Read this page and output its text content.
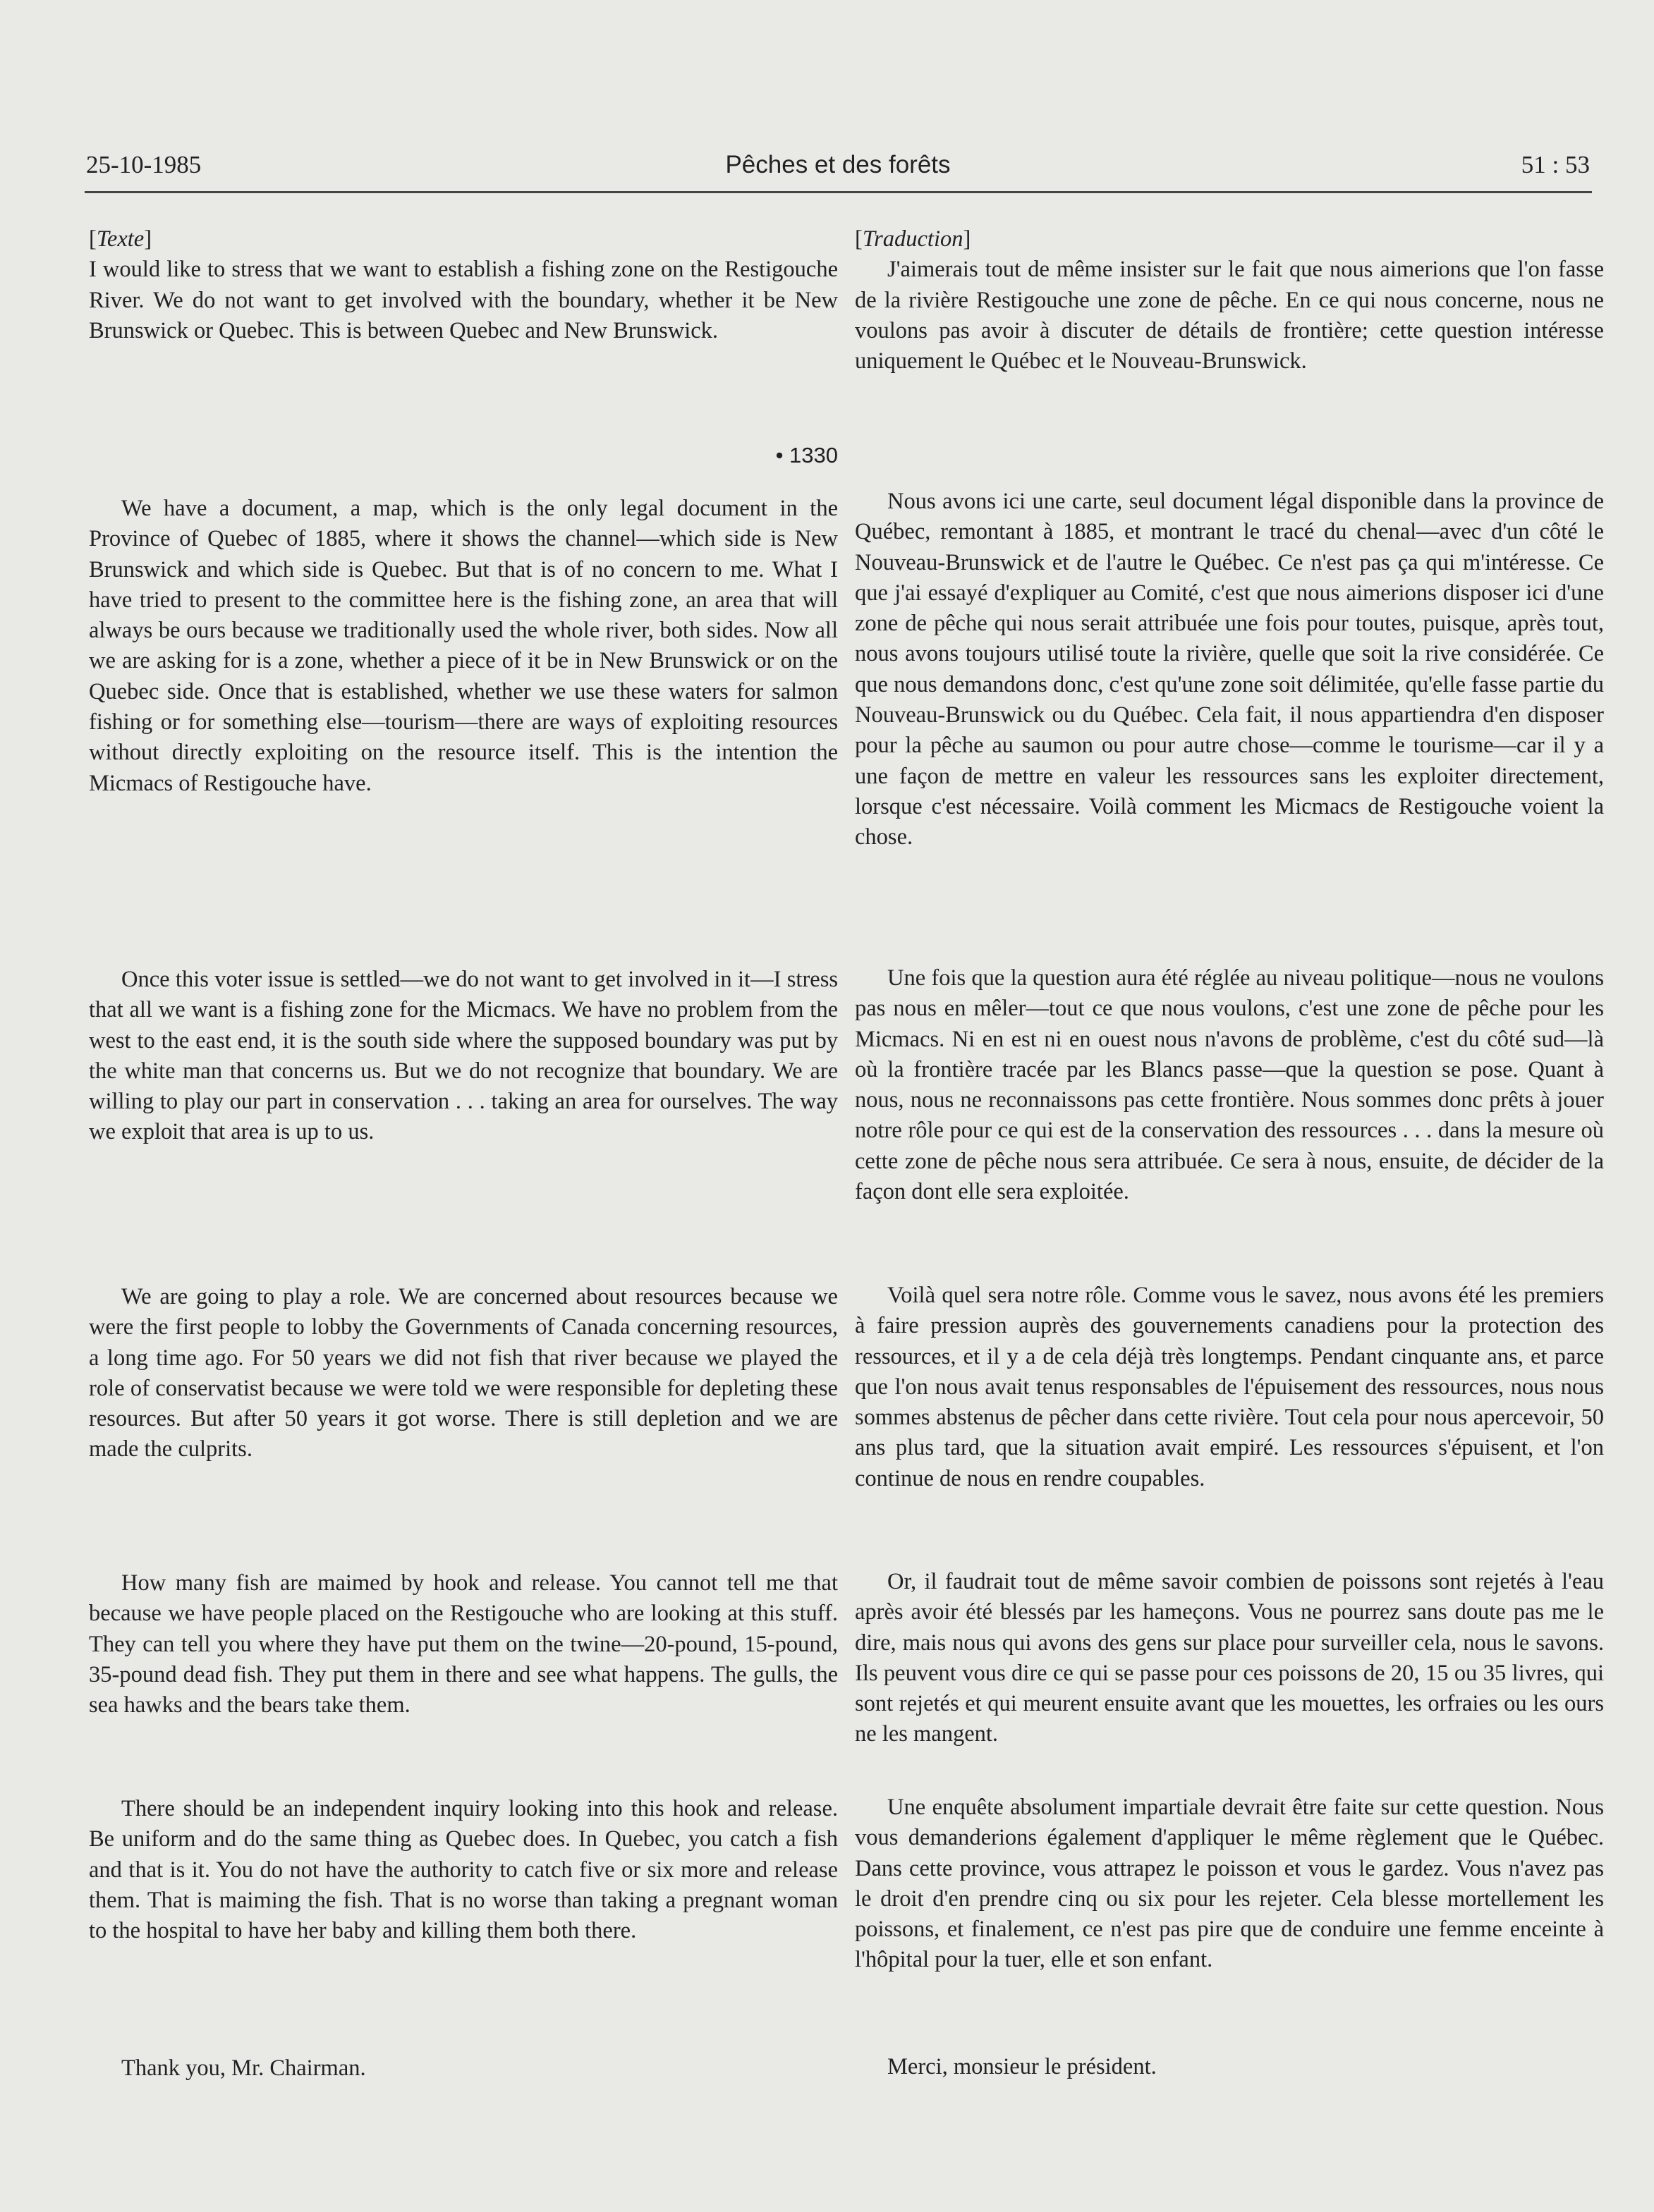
25-10-1985	Pêches et des forêts	51 : 53

[Texte]

I would like to stress that we want to establish a fishing zone on the Restigouche River. We do not want to get involved with the boundary, whether it be New Brunswick or Quebec. This is between Quebec and New Brunswick.

• 1330

We have a document, a map, which is the only legal document in the Province of Quebec of 1885, where it shows the channel—which side is New Brunswick and which side is Quebec. But that is of no concern to me. What I have tried to present to the committee here is the fishing zone, an area that will always be ours because we traditionally used the whole river, both sides. Now all we are asking for is a zone, whether a piece of it be in New Brunswick or on the Quebec side. Once that is established, whether we use these waters for salmon fishing or for something else—tourism—there are ways of exploiting resources without directly exploiting on the resource itself. This is the intention the Micmacs of Restigouche have.

Once this voter issue is settled—we do not want to get involved in it—I stress that all we want is a fishing zone for the Micmacs. We have no problem from the west to the east end, it is the south side where the supposed boundary was put by the white man that concerns us. But we do not recognize that boundary. We are willing to play our part in conservation . . . taking an area for ourselves. The way we exploit that area is up to us.

We are going to play a role. We are concerned about resources because we were the first people to lobby the Governments of Canada concerning resources, a long time ago. For 50 years we did not fish that river because we played the role of conservatist because we were told we were responsible for depleting these resources. But after 50 years it got worse. There is still depletion and we are made the culprits.

How many fish are maimed by hook and release. You cannot tell me that because we have people placed on the Restigouche who are looking at this stuff. They can tell you where they have put them on the twine—20-pound, 15-pound, 35-pound dead fish. They put them in there and see what happens. The gulls, the sea hawks and the bears take them.

There should be an independent inquiry looking into this hook and release. Be uniform and do the same thing as Quebec does. In Quebec, you catch a fish and that is it. You do not have the authority to catch five or six more and release them. That is maiming the fish. That is no worse than taking a pregnant woman to the hospital to have her baby and killing them both there.

Thank you, Mr. Chairman.

[Traduction]

J'aimerais tout de même insister sur le fait que nous aimerions que l'on fasse de la rivière Restigouche une zone de pêche. En ce qui nous concerne, nous ne voulons pas avoir à discuter de détails de frontière; cette question intéresse uniquement le Québec et le Nouveau-Brunswick.

Nous avons ici une carte, seul document légal disponible dans la province de Québec, remontant à 1885, et montrant le tracé du chenal—avec d'un côté le Nouveau-Brunswick et de l'autre le Québec. Ce n'est pas ça qui m'intéresse. Ce que j'ai essayé d'expliquer au Comité, c'est que nous aimerions disposer ici d'une zone de pêche qui nous serait attribuée une fois pour toutes, puisque, après tout, nous avons toujours utilisé toute la rivière, quelle que soit la rive considérée. Ce que nous demandons donc, c'est qu'une zone soit délimitée, qu'elle fasse partie du Nouveau-Brunswick ou du Québec. Cela fait, il nous appartiendra d'en disposer pour la pêche au saumon ou pour autre chose—comme le tourisme—car il y a une façon de mettre en valeur les ressources sans les exploiter directement, lorsque c'est nécessaire. Voilà comment les Micmacs de Restigouche voient la chose.

Une fois que la question aura été réglée au niveau politique—nous ne voulons pas nous en mêler—tout ce que nous voulons, c'est une zone de pêche pour les Micmacs. Ni en est ni en ouest nous n'avons de problème, c'est du côté sud—là où la frontière tracée par les Blancs passe—que la question se pose. Quant à nous, nous ne reconnaissons pas cette frontière. Nous sommes donc prêts à jouer notre rôle pour ce qui est de la conservation des ressources . . . dans la mesure où cette zone de pêche nous sera attribuée. Ce sera à nous, ensuite, de décider de la façon dont elle sera exploitée.

Voilà quel sera notre rôle. Comme vous le savez, nous avons été les premiers à faire pression auprès des gouvernements canadiens pour la protection des ressources, et il y a de cela déjà très longtemps. Pendant cinquante ans, et parce que l'on nous avait tenus responsables de l'épuisement des ressources, nous nous sommes abstenus de pêcher dans cette rivière. Tout cela pour nous apercevoir, 50 ans plus tard, que la situation avait empiré. Les ressources s'épuisent, et l'on continue de nous en rendre coupables.

Or, il faudrait tout de même savoir combien de poissons sont rejetés à l'eau après avoir été blessés par les hameçons. Vous ne pourrez sans doute pas me le dire, mais nous qui avons des gens sur place pour surveiller cela, nous le savons. Ils peuvent vous dire ce qui se passe pour ces poissons de 20, 15 ou 35 livres, qui sont rejetés et qui meurent ensuite avant que les mouettes, les orfraies ou les ours ne les mangent.

Une enquête absolument impartiale devrait être faite sur cette question. Nous vous demanderions également d'appliquer le même règlement que le Québec. Dans cette province, vous attrapez le poisson et vous le gardez. Vous n'avez pas le droit d'en prendre cinq ou six pour les rejeter. Cela blesse mortellement les poissons, et finalement, ce n'est pas pire que de conduire une femme enceinte à l'hôpital pour la tuer, elle et son enfant.

Merci, monsieur le président.
